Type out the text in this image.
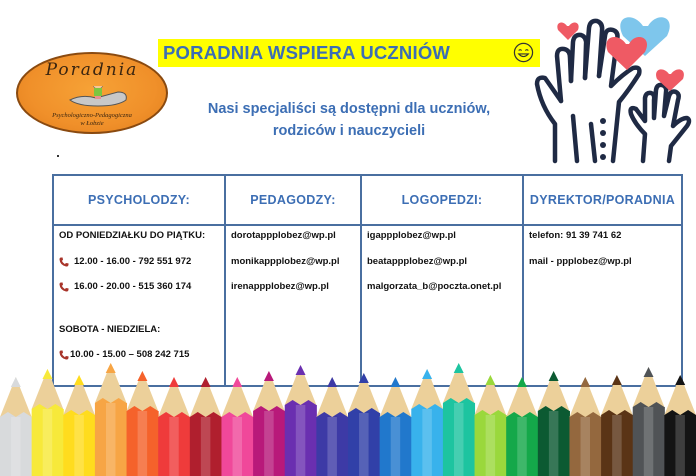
Poradnia
Psychologiczno-Pedagogiczna
w Łobzie
PORADNIA WSPIERA UCZNIÓW
Nasi specjaliści są dostępni dla uczniów,
rodziców i nauczycieli
PSYCHOLODZY:
OD PONIEDZIAŁKU DO PIĄTKU:
12.00 - 16.00 - 792 551 972
16.00 - 20.00 - 515 360 174
SOBOTA - NIEDZIELA:
10.00 - 15.00 – 508 242 715
PEDAGODZY:
dorotappplobez@wp.pl
monikappplobez@wp.pl
irenappplobez@wp.pl
LOGOPEDZI:
igappplobez@wp.pl
beatappplobez@wp.pl
malgorzata_b@poczta.onet.pl
DYREKTOR/PORADNIA
telefon: 91 39 741 62
mail - ppplobez@wp.pl
